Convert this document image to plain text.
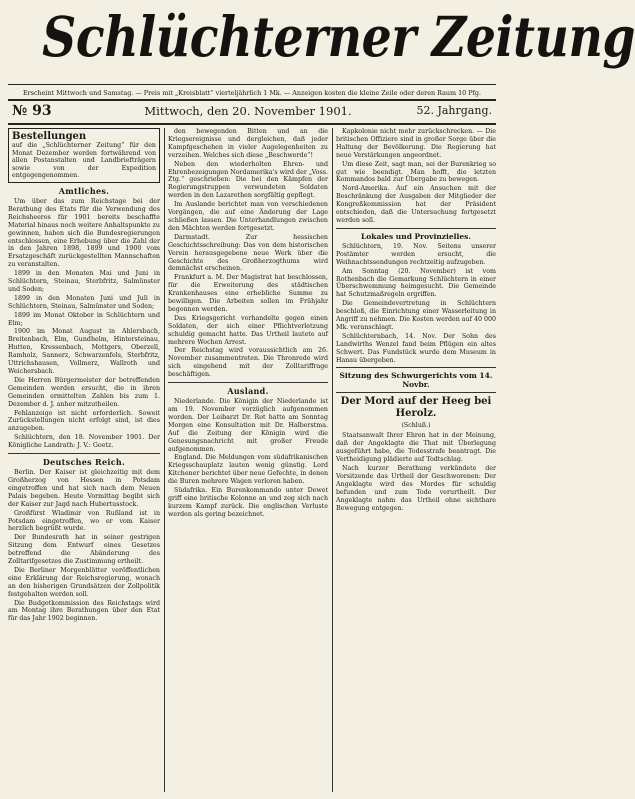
Schlüchterner Zeitung
Erscheint Mittwoch und Samstag. — Preis mit „Kreisblatt“ vierteljährlich 1 Mk. — Anzeigen kosten die kleine Zeile oder deren Raum 10 Pfg.
№ 93	Mittwoch, den 20. November 1901.	52. Jahrgang.
Bestellungen
auf die „Schlüchterner Zeitung“ für den Monat Dezember werden fortwährend von allen Postanstalten und Landbriefträgern sowie von der Expedition entgegengenommen.
Amtliches.

Um über das zum Reichstage bei der Berathung des Etats für die Verwendung des Reichsheeres für 1901 bereits beschaffte Material hinaus noch weitere Anhaltspunkte zu gewinnen, haben sich die Bundesregierungen entschlossen, eine Erhebung über die Zahl der in den Jahren 1898, 1899 und 1900 vom Ersatzgeschäft zurückgestellten Mannschaften zu veranstalten.

1899 in den Monaten Mai und Juni in Schlüchtern, Steinau, Sterbfritz, Salmünster und Soden;

1899 in den Monaten Juni und Juli in Schlüchtern, Steinau, Salmünster und Soden;

1899 im Monat Oktober in Schlüchtern und Elm;

1900 im Monat August in Ahlersbach, Breitenbach, Elm, Gundhelm, Hintersteinau, Hutten, Kressenbach, Mottgers, Oberzell, Ramholz, Sannerz, Schwarzenfels, Sterbfritz, Uttrichshausen, Vollmerz, Wallroth und Weichersbach.

Die Herren Bürgermeister der betreffenden Gemeinden werden ersucht, die in ihren Gemeinden ermittelten Zahlen bis zum 1. Dezember d. J. anher mitzutheilen.

Fehlanzeige ist nicht erforderlich. Soweit Zurückstellungen nicht erfolgt sind, ist dies anzugeben.

Schlüchtern, den 18. November 1901. Der Königliche Landrath: J. V.: Goetz.

Deutsches Reich.

Berlin. Der Kaiser ist gleichzeitig mit dem Großherzog von Hessen in Potsdam eingetroffen und hat sich nach dem Neuen Palais begeben. Heute Vormittag begibt sich der Kaiser zur Jagd nach Hubertusstock.

Großfürst Wladimir von Rußland ist in Potsdam eingetroffen, wo er vom Kaiser herzlich begrüßt wurde.

Der Bundesrath hat in seiner gestrigen Sitzung dem Entwurf eines Gesetzes betreffend die Abänderung des Zolltarifgesetzes die Zustimmung ertheilt.

Die Berliner Morgenblätter veröffentlichen eine Erklärung der Reichsregierung, wonach an den bisherigen Grundsätzen der Zollpolitik festgehalten werden soll.

Die Budgetkommission des Reichstags wird am Montag ihre Berathungen über den Etat für das Jahr 1902 beginnen.

den bewegenden Bitten und an die Kriegsereignisse und dergleichen, daß jeder Kampfgeschehen in vieler Augelegenheiten zu verzeihen. Welches sich diese „Beschwerde“!

Neben den wiederholten Ehren- und Ehrenbezeigungen Nordamerika's wird der „Voss. Ztg.“ geschrieben: Die bei den Kämpfen der Regierungstruppen verwundeten Soldaten werden in den Lazarethen sorgfältig gepflegt.

Im Auslande berichtet man von verschiedenen Vorgängen, die auf eine Änderung der Lage schließen lassen. Die Unterhandlungen zwischen den Mächten werden fortgesetzt.

Darmstadt. Zur hessischen Geschichtsschreibung: Das von dem historischen Verein herausgegebene neue Werk über die Geschichte des Großherzogthums wird demnächst erscheinen.

Frankfurt a. M. Der Magistrat hat beschlossen, für die Erweiterung des städtischen Krankenhauses eine erhebliche Summe zu bewilligen. Die Arbeiten sollen im Frühjahr begonnen werden.

Das Kriegsgericht verhandelte gegen einen Soldaten, der sich einer Pflichtverletzung schuldig gemacht hatte. Das Urtheil lautete auf mehrere Wochen Arrest.

Der Reichstag wird voraussichtlich am 26. November zusammentreten. Die Thronrede wird sich eingehend mit der Zolltariffrage beschäftigen.

Ausland.

Niederlande. Die Königin der Niederlande ist am 19. November vorzüglich aufgenommen worden. Der Leibarzt Dr. Rot hatte am Sonntag Morgen eine Konsultation mit Dr. Halberstma. Auf die Zeitung der Königin wird die Genesungsnachricht mit großer Freude aufgenommen.

England. Die Meldungen vom südafrikanischen Kriegsschauplatz lauten wenig günstig. Lord Kitchener berichtet über neue Gefechte, in denen die Buren mehrere Wagen verloren haben.

Südafrika. Ein Burenkommando unter Dewet griff eine britische Kolonne an und zog sich nach kurzem Kampf zurück. Die englischen Verluste werden als gering bezeichnet.

Kapkolonie nicht mehr zurückschrecken. — Die britischen Offiziere sind in großer Sorge über die Haltung der Bevölkerung. Die Regierung hat neue Verstärkungen angeordnet.

Um diese Zeit, sagt man, sei der Burenkrieg so gut wie beendigt. Man hofft, die letzten Kommandos bald zur Übergabe zu bewegen.

Nord-Amerika. Auf ein Ansuchen mit der Beschränkung der Ausgaben der Mitglieder der Kongreßkommission hat der Präsident entschieden, daß die Untersuchung fortgesetzt werden soll.

Lokales und Provinzielles.

Schlüchtern, 19. Nov. Seitens unserer Postämter werden ersucht, die Weihnachtssendungen rechtzeitig aufzugeben.

Am Sonntag (20. November) ist vom Rothenbach die Gemarkung Schlüchtern in einer Überschwemmung heimgesucht. Die Gemeinde hat Schutzmaßregeln ergriffen.

Die Gemeindevertretung in Schlüchtern beschloß, die Einrichtung einer Wasserleitung in Angriff zu nehmen. Die Kosten werden auf 40 000 Mk. veranschlagt.

Schlüchternbach, 14. Nov. Der Sohn des Landwirths Wenzel fand beim Pflügen ein altes Schwert. Das Fundstück wurde dem Museum in Hanau übergeben.

Sitzung des Schwurgerichts vom 14. Novbr.
Der Mord auf der Heeg bei Herolz.
(Schluß.)

Staatsanwalt Ihrer Ehren hat in der Meinung, daß der Angeklagte die That mit Überlegung ausgeführt habe, die Todesstrafe beantragt. Die Vertheidigung plädierte auf Todtschlag.

Nach kurzer Berathung verkündete der Vorsitzende das Urtheil der Geschworenen: Der Angeklagte wird des Mordes für schuldig befunden und zum Tode verurtheilt. Der Angeklagte nahm das Urtheil ohne sichtbare Bewegung entgegen.
